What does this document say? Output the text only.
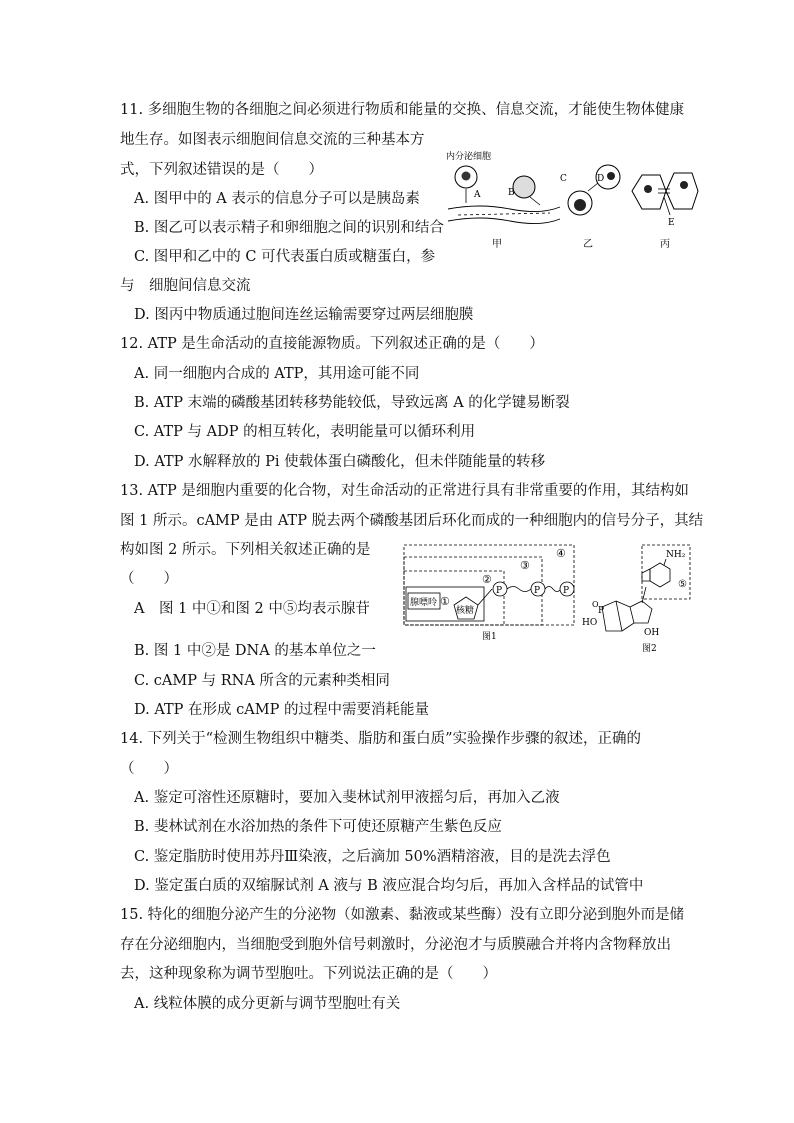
11. 多细胞生物的各细胞之间必须进行物质和能量的交换、信息交流，才能使生物体健康
地生存。如图表示细胞间信息交流的三种基本方
式，下列叙述错误的是（　　）
A. 图甲中的 A 表示的信息分子可以是胰岛素
B. 图乙可以表示精子和卵细胞之间的识别和结合
C. 图甲和乙中的 C 可代表蛋白质或糖蛋白，参
与　细胞间信息交流
D. 图丙中物质通过胞间连丝运输需要穿过两层细胞膜
内分泌细胞
A	B
C	D
E
甲	乙	丙
12. ATP 是生命活动的直接能源物质。下列叙述正确的是（　　）
A. 同一细胞内合成的 ATP，其用途可能不同
B. ATP 末端的磷酸基团转移势能较低，导致远离 A 的化学键易断裂
C. ATP 与 ADP 的相互转化，表明能量可以循环利用
D. ATP 水解释放的 Pi 使载体蛋白磷酸化，但未伴随能量的转移
13. ATP 是细胞内重要的化合物，对生命活动的正常进行具有非常重要的作用，其结构如
图 1 所示。cAMP 是由 ATP 脱去两个磷酸基团后环化而成的一种细胞内的信号分子，其结
构如图 2 所示。下列相关叙述正确的是
（　　）
A　图 1 中①和图 2 中⑤均表示腺苷
B. 图 1 中②是 DNA 的基本单位之一
C. cAMP 与 RNA 所含的元素种类相同
D. ATP 在形成 cAMP 的过程中需要消耗能量
④
③
②
①
腺嘌呤
核糖
P	P	P
图1
NH₂
⑤
P
O
HO
OH
图2
14. 下列关于“检测生物组织中糖类、脂肪和蛋白质”实验操作步骤的叙述，正确的
（　　）
A. 鉴定可溶性还原糖时，要加入斐林试剂甲液摇匀后，再加入乙液
B. 斐林试剂在水浴加热的条件下可使还原糖产生紫色反应
C. 鉴定脂肪时使用苏丹Ⅲ染液，之后滴加 50%酒精溶液，目的是洗去浮色
D. 鉴定蛋白质的双缩脲试剂 A 液与 B 液应混合均匀后，再加入含样品的试管中
15. 特化的细胞分泌产生的分泌物（如激素、黏液或某些酶）没有立即分泌到胞外而是储
存在分泌细胞内，当细胞受到胞外信号刺激时，分泌泡才与质膜融合并将内含物释放出
去，这种现象称为调节型胞吐。下列说法正确的是（　　）
A. 线粒体膜的成分更新与调节型胞吐有关
